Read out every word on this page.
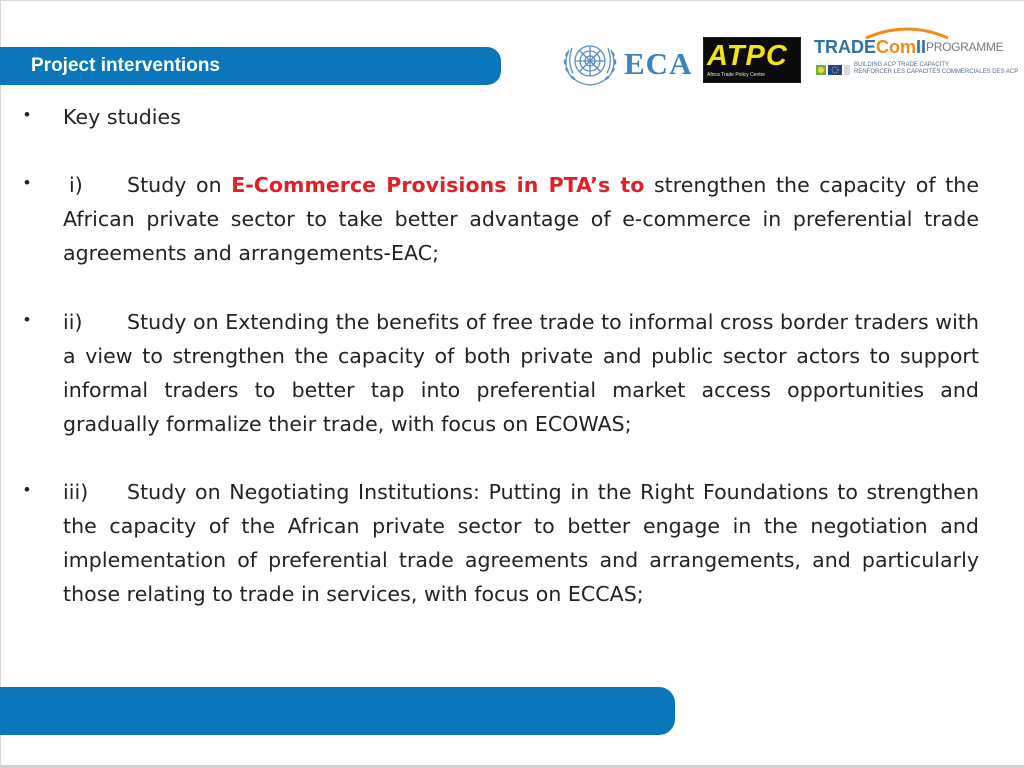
Project interventions	ECA ATPC
Africa Trade Policy Centre
TRADEComII PROGRAMME
BUILDING ACP TRADE CAPACITY
RENFORCER LES CAPACITÉS COMMERCIALES DES ACP
• Key studies
• i) Study on E-Commerce Provisions in PTA’s to strengthen the capacity of the African private sector to take better advantage of e-commerce in preferential trade agreements and arrangements-EAC;
• ii) Study on Extending the benefits of free trade to informal cross border traders with a view to strengthen the capacity of both private and public sector actors to support informal traders to better tap into preferential market access opportunities and gradually formalize their trade, with focus on ECOWAS;
• iii) Study on Negotiating Institutions: Putting in the Right Foundations to strengthen the capacity of the African private sector to better engage in the negotiation and implementation of preferential trade agreements and arrangements, and particularly those relating to trade in services, with focus on ECCAS;
